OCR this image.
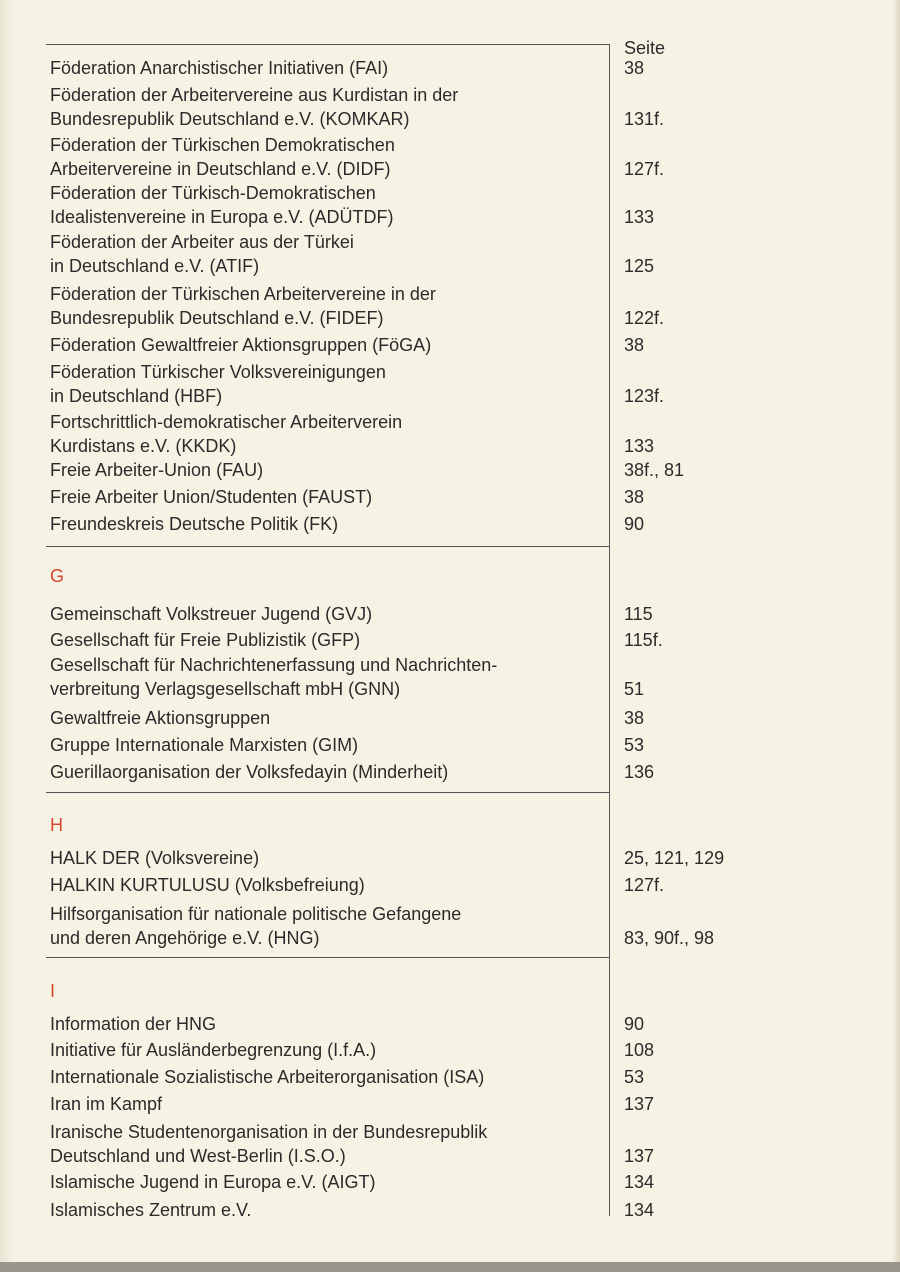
Seite
Föderation Anarchistischer Initiativen (FAI)	38
Föderation der Arbeitervereine aus Kurdistan in der
Bundesrepublik Deutschland e.V. (KOMKAR)	131f.
Föderation der Türkischen Demokratischen
Arbeitervereine in Deutschland e.V. (DIDF)	127f.
Föderation der Türkisch-Demokratischen
Idealistenvereine in Europa e.V. (ADÜTDF)	133
Föderation der Arbeiter aus der Türkei
in Deutschland e.V. (ATIF)	125
Föderation der Türkischen Arbeitervereine in der
Bundesrepublik Deutschland e.V. (FIDEF)	122f.
Föderation Gewaltfreier Aktionsgruppen (FöGA)	38
Föderation Türkischer Volksvereinigungen
in Deutschland (HBF)	123f.
Fortschrittlich-demokratischer Arbeiterverein
Kurdistans e.V. (KKDK)	133
Freie Arbeiter-Union (FAU)	38f., 81
Freie Arbeiter Union/Studenten (FAUST)	38
Freundeskreis Deutsche Politik (FK)	90
G
Gemeinschaft Volkstreuer Jugend (GVJ)	115
Gesellschaft für Freie Publizistik (GFP)	115f.
Gesellschaft für Nachrichtenerfassung und Nachrichten-
verbreitung Verlagsgesellschaft mbH (GNN)	51
Gewaltfreie Aktionsgruppen	38
Gruppe Internationale Marxisten (GIM)	53
Guerillaorganisation der Volksfedayin (Minderheit)	136
H
HALK DER (Volksvereine)	25, 121, 129
HALKIN KURTULUSU (Volksbefreiung)	127f.
Hilfsorganisation für nationale politische Gefangene
und deren Angehörige e.V. (HNG)	83, 90f., 98
I
Information der HNG	90
Initiative für Ausländerbegrenzung (I.f.A.)	108
Internationale Sozialistische Arbeiterorganisation (ISA)	53
Iran im Kampf	137
Iranische Studentenorganisation in der Bundesrepublik
Deutschland und West-Berlin (I.S.O.)	137
Islamische Jugend in Europa e.V. (AIGT)	134
Islamisches Zentrum e.V.	134
